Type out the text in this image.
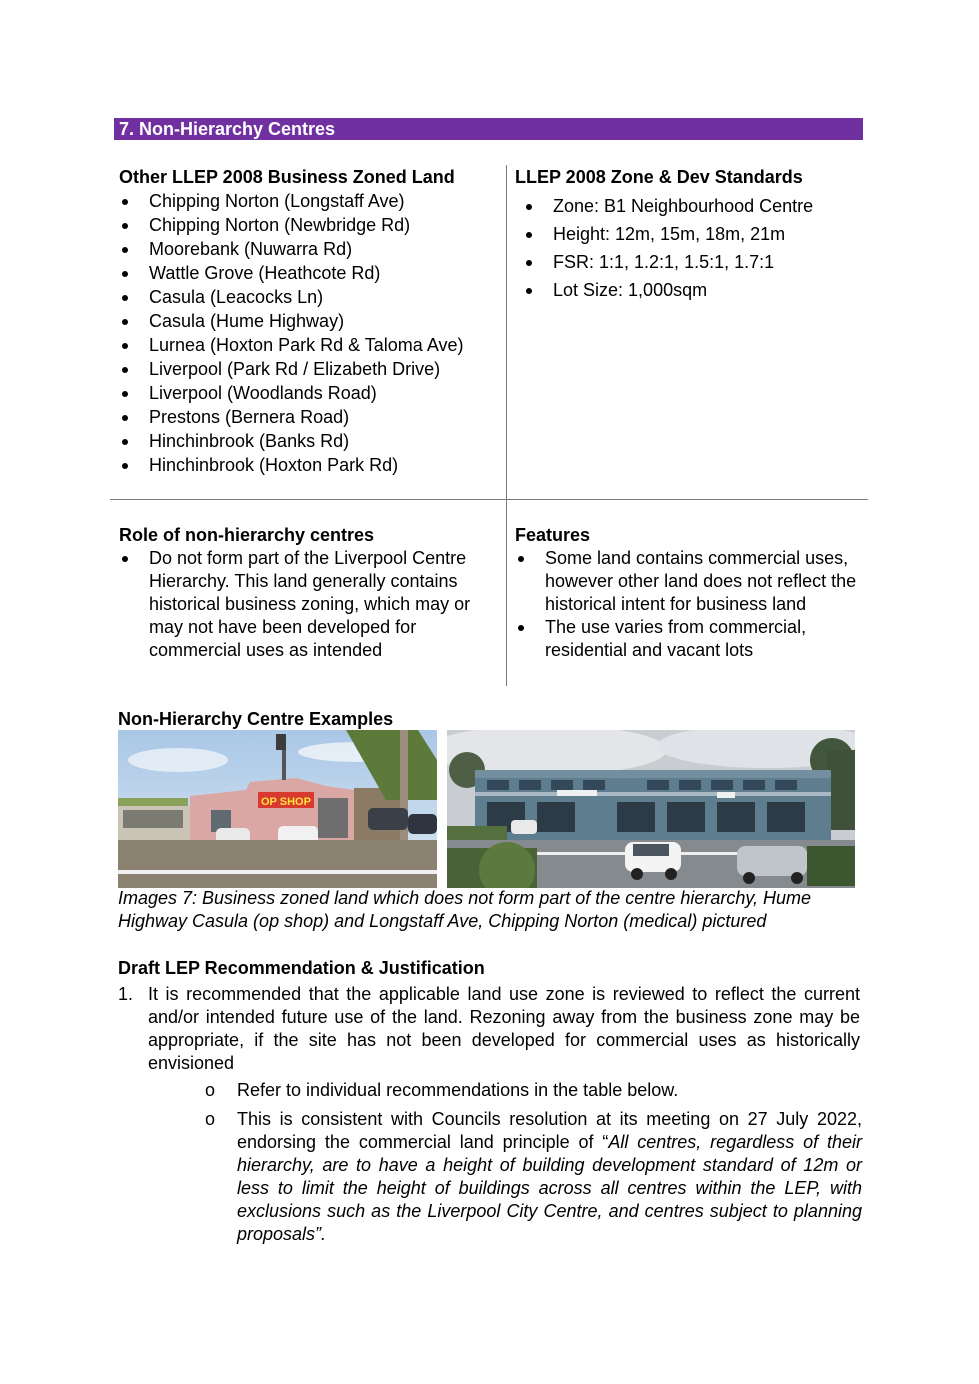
7. Non-Hierarchy Centres
Other LLEP 2008 Business Zoned Land
Chipping Norton (Longstaff Ave)
Chipping Norton (Newbridge Rd)
Moorebank (Nuwarra Rd)
Wattle Grove (Heathcote Rd)
Casula (Leacocks Ln)
Casula (Hume Highway)
Lurnea (Hoxton Park Rd & Taloma Ave)
Liverpool (Park Rd / Elizabeth Drive)
Liverpool (Woodlands Road)
Prestons (Bernera Road)
Hinchinbrook (Banks Rd)
Hinchinbrook (Hoxton Park Rd)
LLEP 2008 Zone & Dev Standards
Zone: B1 Neighbourhood Centre
Height: 12m, 15m, 18m, 21m
FSR: 1:1, 1.2:1, 1.5:1, 1.7:1
Lot Size: 1,000sqm
Role of non-hierarchy centres
Do not form part of the Liverpool Centre Hierarchy. This land generally contains historical business zoning, which may or may not have been developed for commercial uses as intended
Features
Some land contains commercial uses, however other land does not reflect the historical intent for business land
The use varies from commercial, residential and vacant lots
Non-Hierarchy Centre Examples
OP SHOP
Images 7: Business zoned land which does not form part of the centre hierarchy, Hume Highway Casula (op shop) and Longstaff Ave, Chipping Norton (medical) pictured
Draft LEP Recommendation & Justification
1. It is recommended that the applicable land use zone is reviewed to reflect the current and/or intended future use of the land. Rezoning away from the business zone may be appropriate, if the site has not been developed for commercial uses as historically envisioned
o Refer to individual recommendations in the table below.
o This is consistent with Councils resolution at its meeting on 27 July 2022, endorsing the commercial land principle of “All centres, regardless of their hierarchy, are to have a height of building development standard of 12m or less to limit the height of buildings across all centres within the LEP, with exclusions such as the Liverpool City Centre, and centres subject to planning proposals”.
